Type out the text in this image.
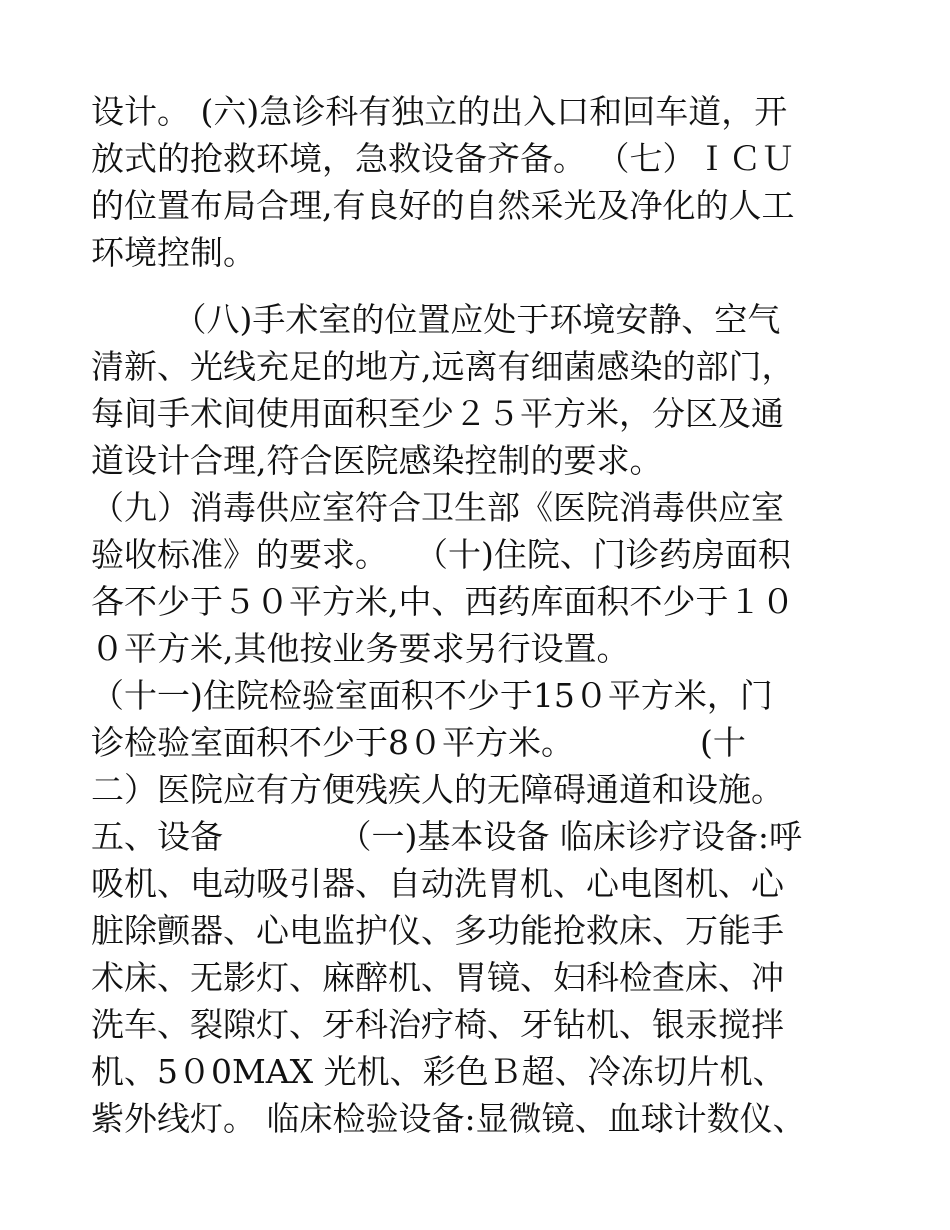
设计。 (六)急诊科有独立的出入口和回车道，开
放式的抢救环境，急救设备齐备。 （七）ＩＣＵ
的位置布局合理,有良好的自然采光及净化的人工
环境控制。
　　　（八)手术室的位置应处于环境安静、空气
清新、光线充足的地方,远离有细菌感染的部门，
每间手术间使用面积至少２５平方米，分区及通
道设计合理,符合医院感染控制的要求。
（九）消毒供应室符合卫生部《医院消毒供应室
验收标准》的要求。　 （十)住院、门诊药房面积
各不少于５０平方米,中、西药库面积不少于１０
０平方米,其他按业务要求另行设置。
（十一)住院检验室面积不少于15０平方米，门
诊检验室面积不少于8０平方米。　　　　 (十
二）医院应有方便残疾人的无障碍通道和设施。
五、设备　　　　（一)基本设备 临床诊疗设备:呼
吸机、电动吸引器、自动洗胃机、心电图机、心
脏除颤器、心电监护仪、多功能抢救床、万能手
术床、无影灯、麻醉机、胃镜、妇科检查床、冲
洗车、裂隙灯、牙科治疗椅、牙钻机、银汞搅拌
机、5０0MAX 光机、彩色Ｂ超、冷冻切片机、
紫外线灯。 临床检验设备:显微镜、血球计数仪、
